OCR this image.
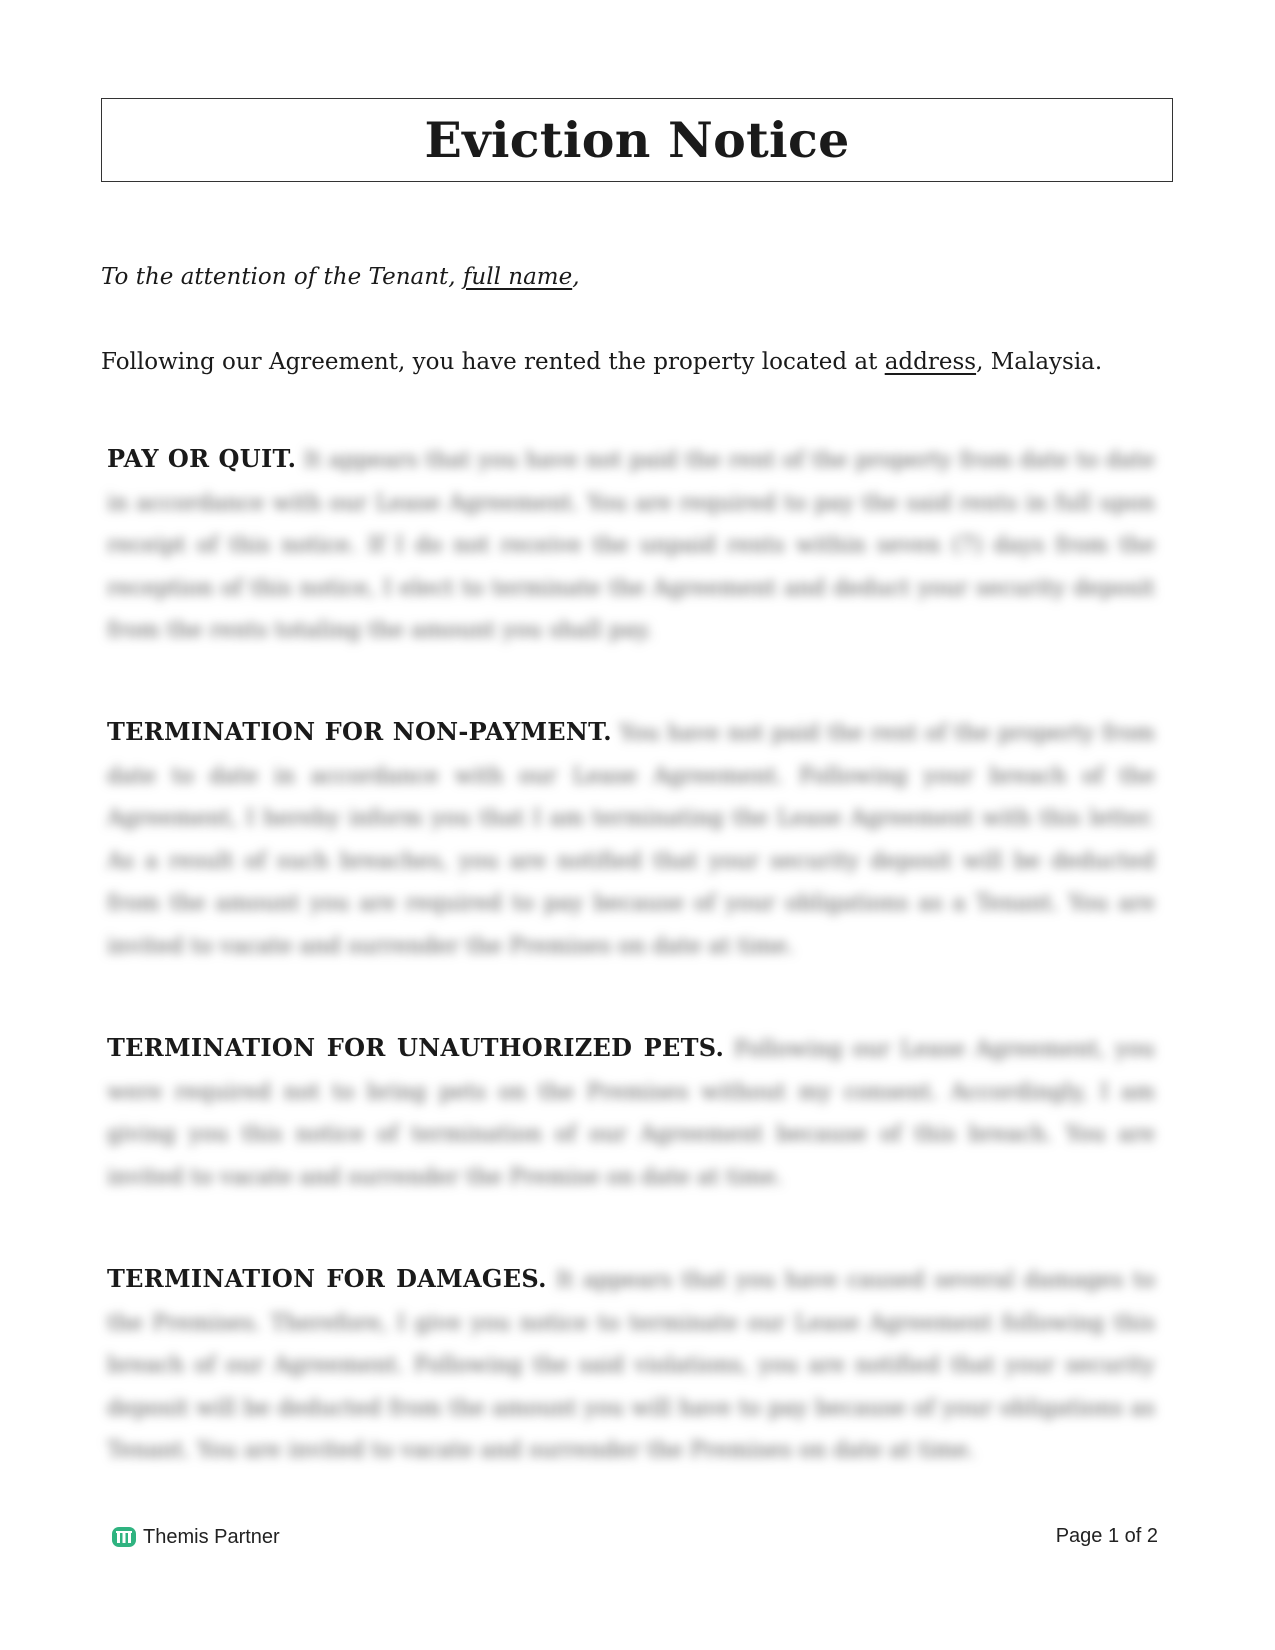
Eviction Notice

To the attention of the Tenant, full name,

Following our Agreement, you have rented the property located at address, Malaysia.

PAY OR QUIT. It appears that you have not paid the rent of the property from date to date in accordance with our Lease Agreement. You are required to pay the said rents in full upon receipt of this notice. If I do not receive the unpaid rents within seven (7) days from the reception of this notice, I elect to terminate the Agreement and deduct your security deposit from the rents totaling the amount you shall pay.

TERMINATION FOR NON-PAYMENT. You have not paid the rent of the property from date to date in accordance with our Lease Agreement. Following your breach of the Agreement, I hereby inform you that I am terminating the Lease Agreement with this letter. As a result of such breaches, you are notified that your security deposit will be deducted from the amount you are required to pay because of your obligations as a Tenant. You are invited to vacate and surrender the Premises on date at time.

TERMINATION FOR UNAUTHORIZED PETS. Following our Lease Agreement, you were required not to bring pets on the Premises without my consent. Accordingly, I am giving you this notice of termination of our Agreement because of this breach. You are invited to vacate and surrender the Premise on date at time.

TERMINATION FOR DAMAGES. It appears that you have caused several damages to the Premises. Therefore, I give you notice to terminate our Lease Agreement following this breach of our Agreement. Following the said violations, you are notified that your security deposit will be deducted from the amount you will have to pay because of your obligations as Tenant. You are invited to vacate and surrender the Premises on date at time.

Themis Partner	Page 1 of 2
